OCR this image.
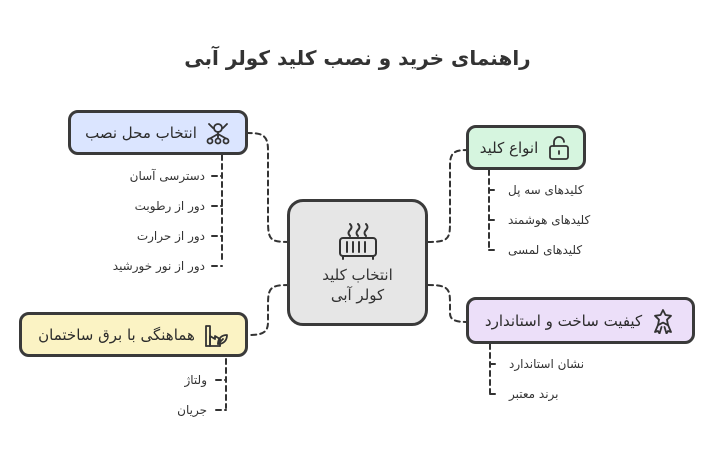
راهنمای خرید و نصب کلید کولر آبی
انتخاب کلید
کولر آبی
انتخاب محل نصب
دسترسی آسان
دور از رطوبت
دور از حرارت
دور از نور خورشید
انواع کلید
کلیدهای سه پل
کلیدهای هوشمند
کلیدهای لمسی
هماهنگی با برق ساختمان
ولتاژ
جریان
کیفیت ساخت و استاندارد
نشان استاندارد
برند معتبر
